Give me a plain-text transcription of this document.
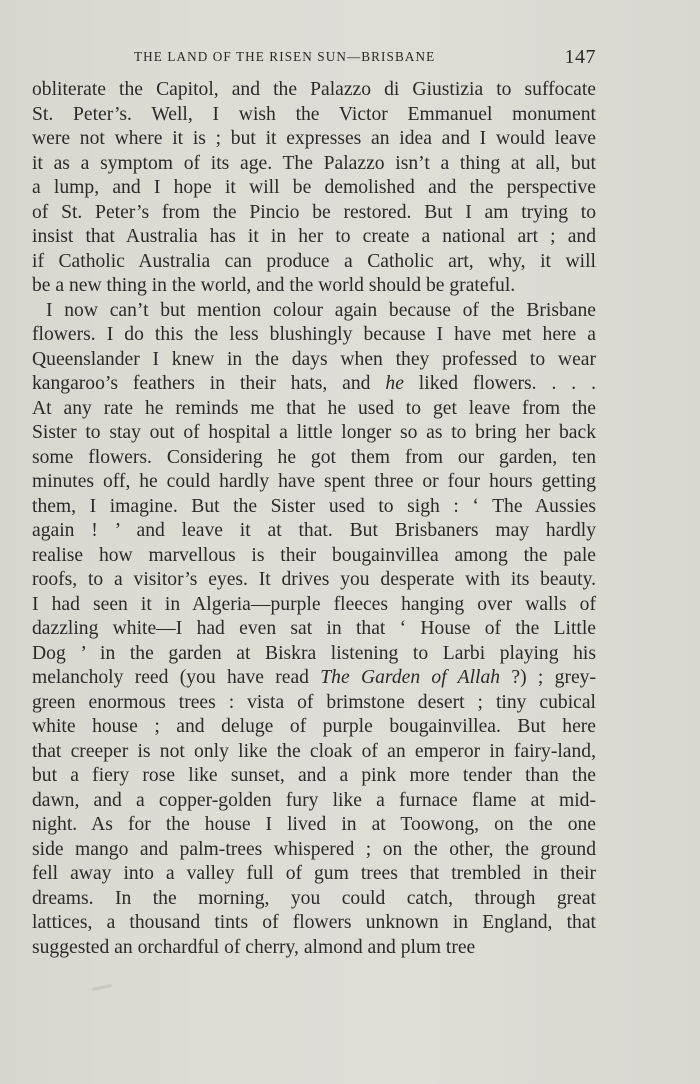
THE LAND OF THE RISEN SUN—BRISBANE	147
obliterate the Capitol, and the Palazzo di Giustizia to suffocate
St. Peter’s. Well, I wish the Victor Emmanuel monument
were not where it is ; but it expresses an idea and I would leave
it as a symptom of its age. The Palazzo isn’t a thing at all, but
a lump, and I hope it will be demolished and the perspective
of St. Peter’s from the Pincio be restored. But I am trying to
insist that Australia has it in her to create a national art ; and
if Catholic Australia can produce a Catholic art, why, it will
be a new thing in the world, and the world should be grateful.
I now can’t but mention colour again because of the Brisbane
flowers. I do this the less blushingly because I have met here a
Queenslander I knew in the days when they professed to wear
kangaroo’s feathers in their hats, and he liked flowers. . . .
At any rate he reminds me that he used to get leave from the
Sister to stay out of hospital a little longer so as to bring her back
some flowers. Considering he got them from our garden, ten
minutes off, he could hardly have spent three or four hours getting
them, I imagine. But the Sister used to sigh : ‘ The Aussies
again ! ’ and leave it at that. But Brisbaners may hardly
realise how marvellous is their bougainvillea among the pale
roofs, to a visitor’s eyes. It drives you desperate with its beauty.
I had seen it in Algeria—purple fleeces hanging over walls of
dazzling white—I had even sat in that ‘ House of the Little
Dog ’ in the garden at Biskra listening to Larbi playing his
melancholy reed (you have read The Garden of Allah ?) ; grey-
green enormous trees : vista of brimstone desert ; tiny cubical
white house ; and deluge of purple bougainvillea. But here
that creeper is not only like the cloak of an emperor in fairy-land,
but a fiery rose like sunset, and a pink more tender than the
dawn, and a copper-golden fury like a furnace flame at mid-
night. As for the house I lived in at Toowong, on the one
side mango and palm-trees whispered ; on the other, the ground
fell away into a valley full of gum trees that trembled in their
dreams. In the morning, you could catch, through great
lattices, a thousand tints of flowers unknown in England, that
suggested an orchardful of cherry, almond and plum tree
